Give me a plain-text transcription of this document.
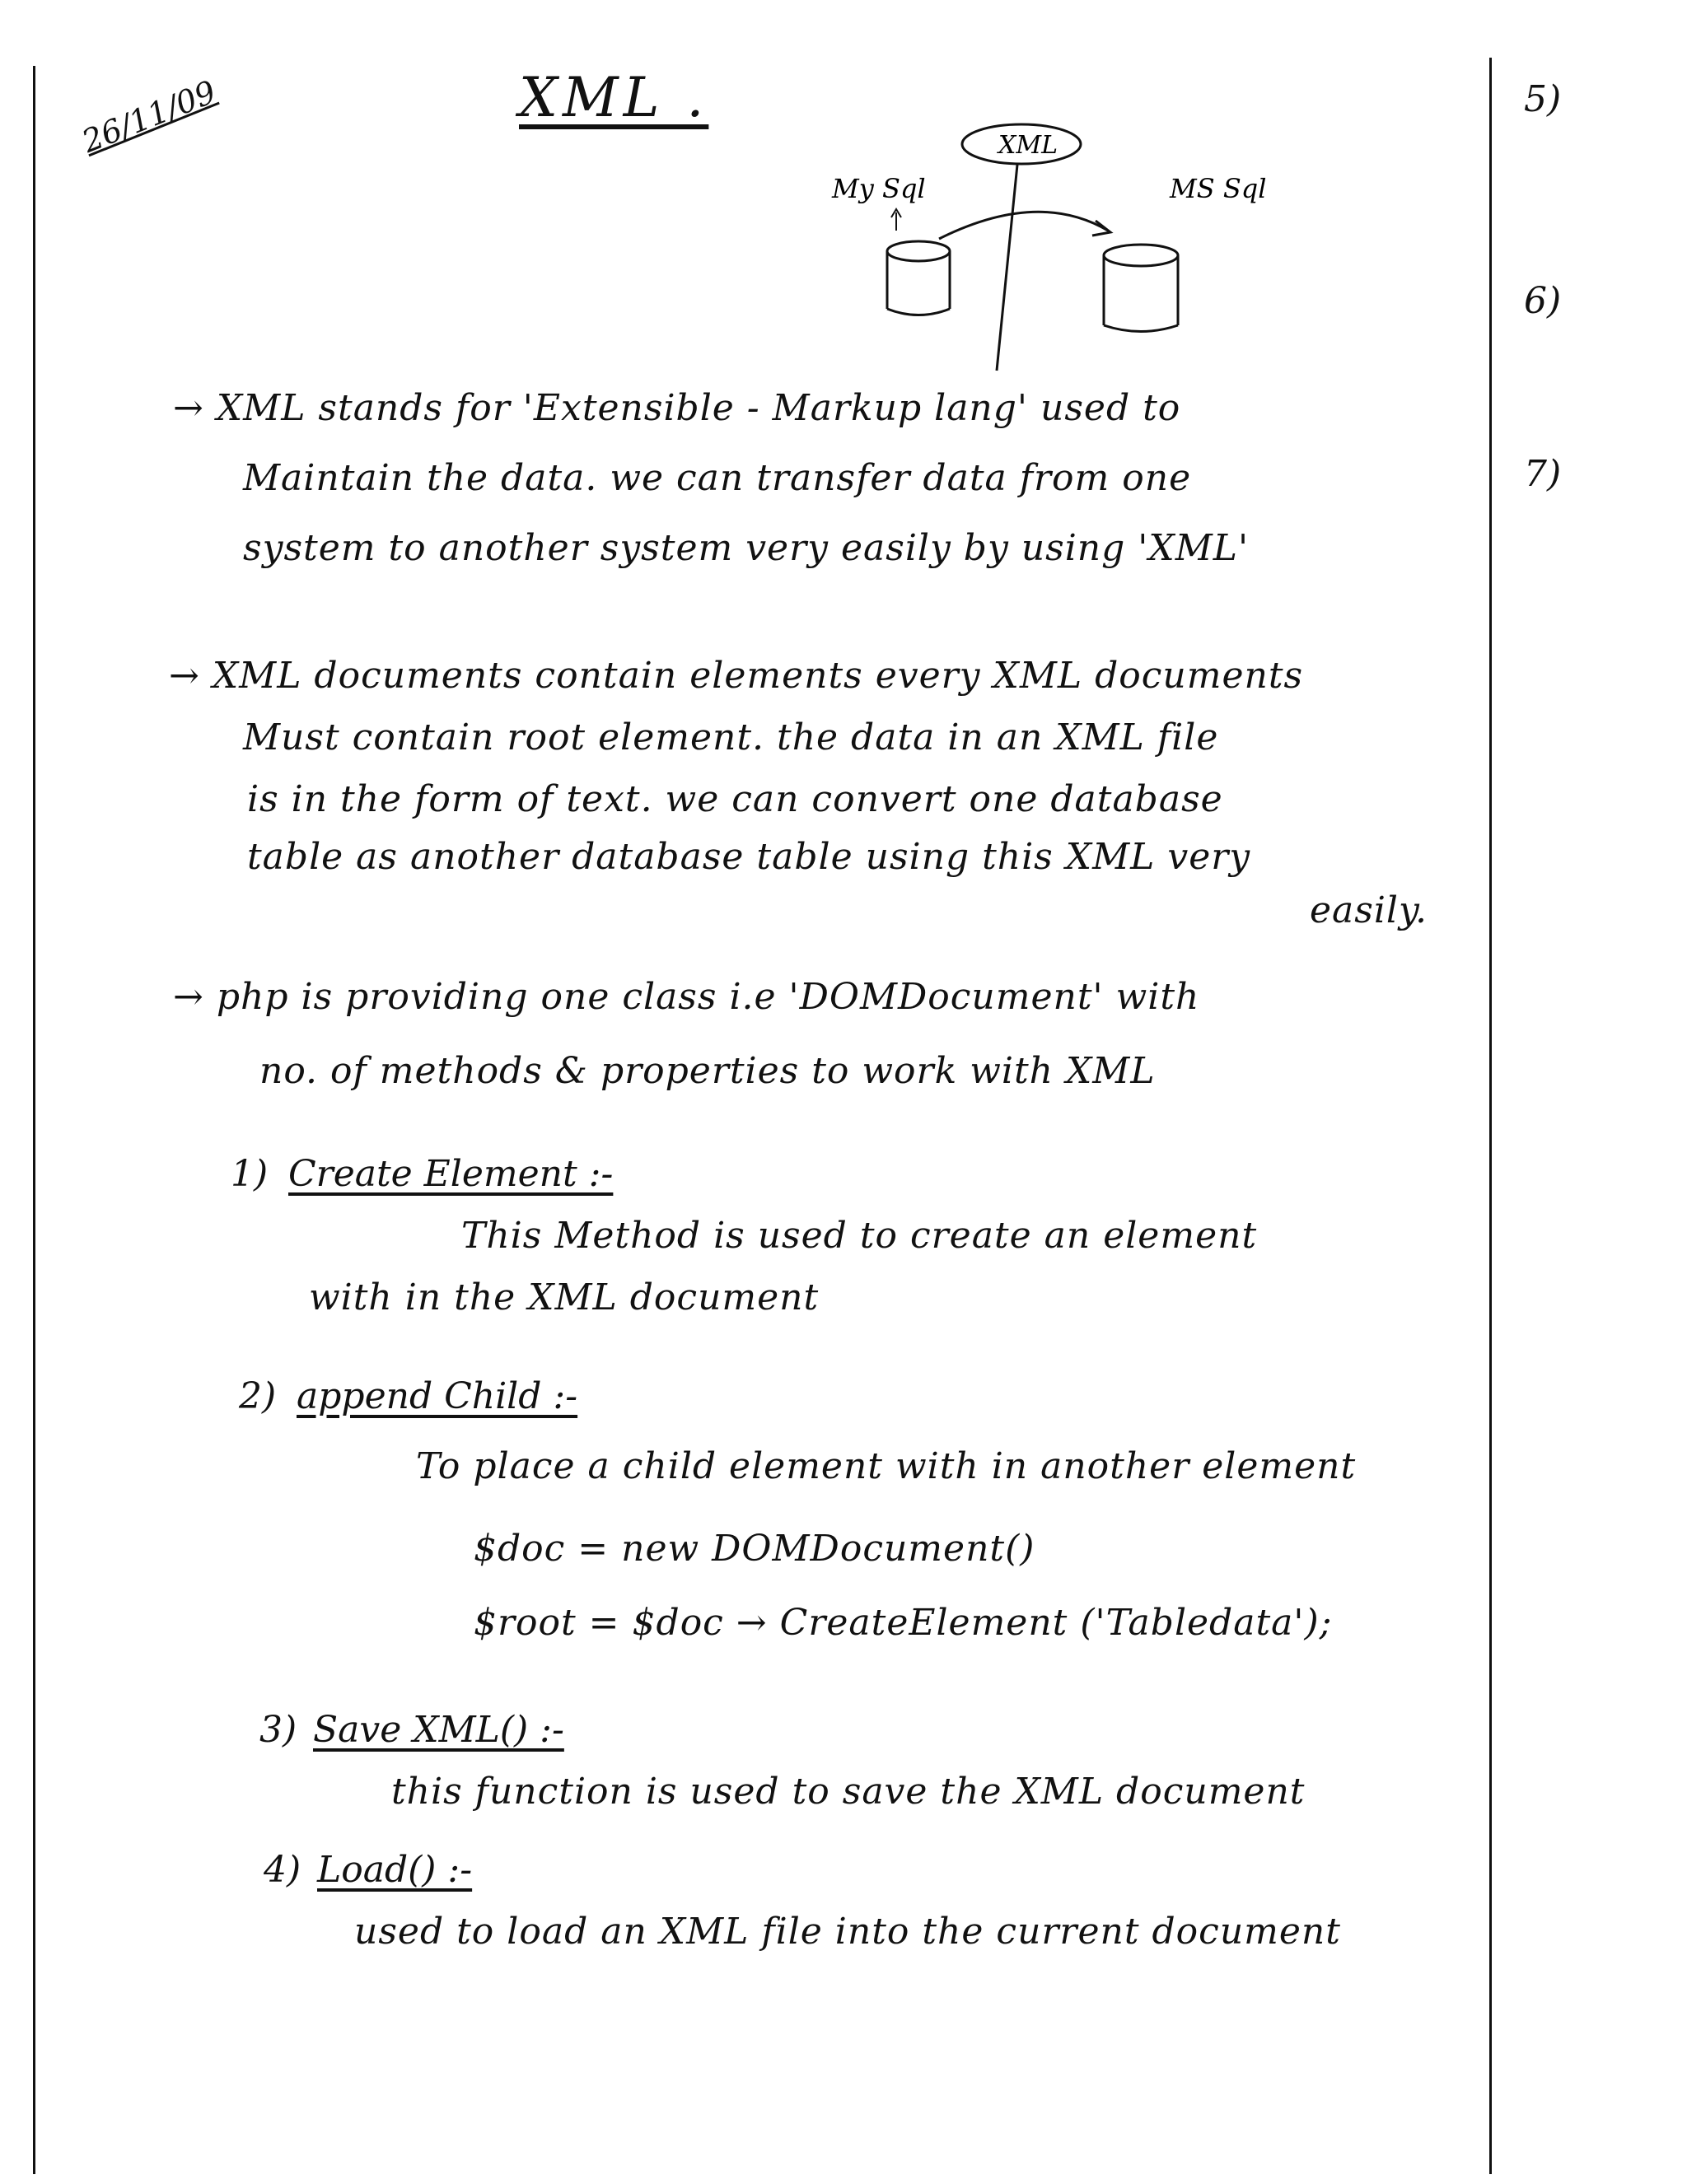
26/11/09	XML .	5)
6)
7)
XML
My Sql	MS Sql
→ XML stands for 'Extensible - Markup lang' used to
Maintain the data. we can transfer data from one
system to another system very easily by using 'XML'
→ XML documents contain elements every XML documents
Must contain root element. the data in an XML file
is in the form of text. we can convert one database
table as another database table using this XML very
easily.
→ php is providing one class i.e 'DOMDocument' with
no. of methods & properties to work with XML
1) Create Element :-
This Method is used to create an element
with in the XML document
2) append Child :-
To place a child element with in another element
$doc = new DOMDocument()
$root = $doc → CreateElement ('Tabledata');
3) Save XML() :-
this function is used to save the XML document
4) Load() :-
used to load an XML file into the current document
